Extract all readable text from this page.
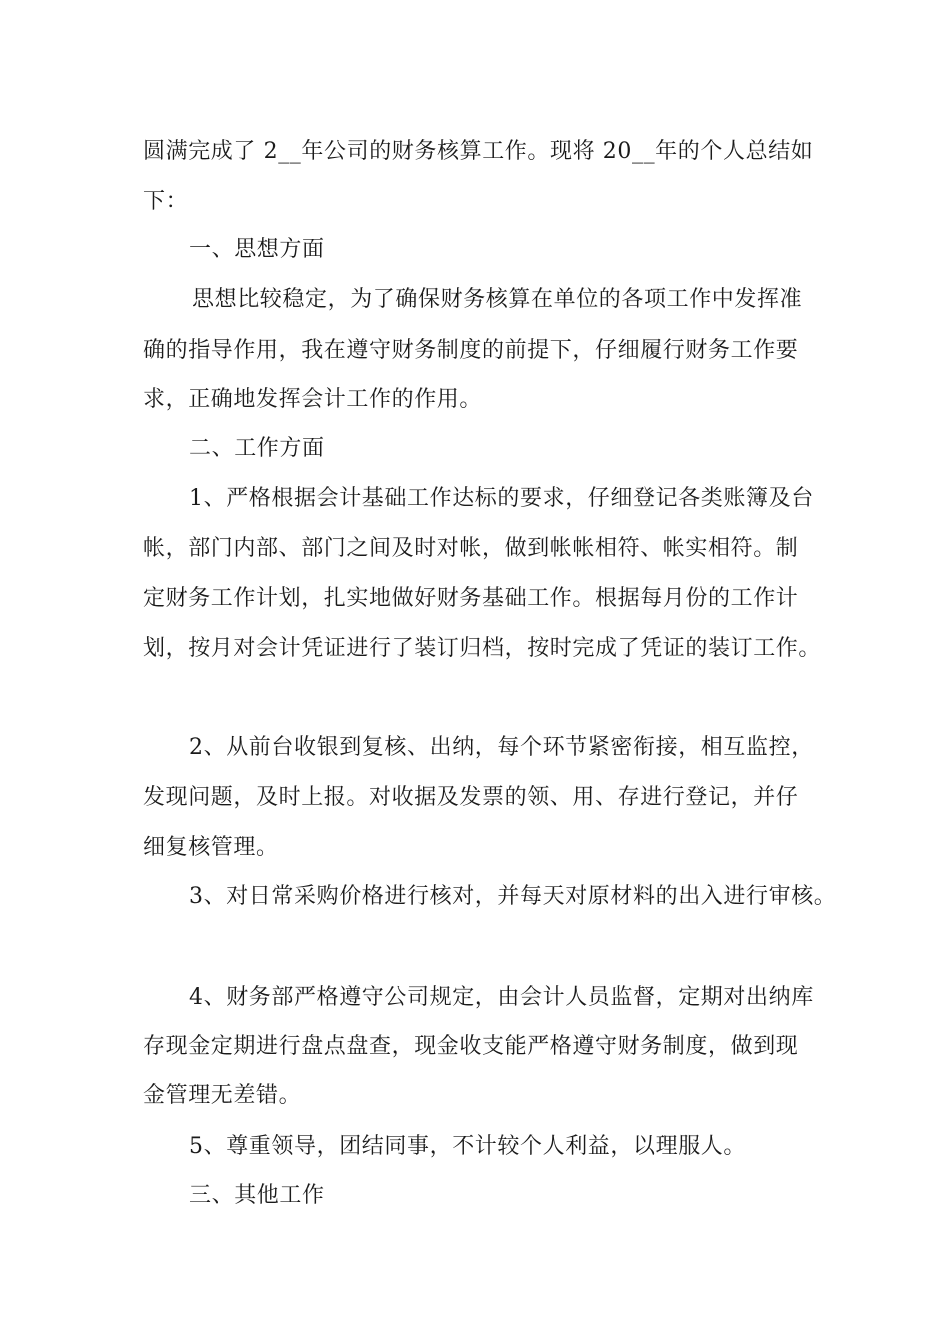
圆满完成了 2__年公司的财务核算工作。现将 20__年的个人总结如
下：
一、思想方面
思想比较稳定，为了确保财务核算在单位的各项工作中发挥准
确的指导作用，我在遵守财务制度的前提下，仔细履行财务工作要
求，正确地发挥会计工作的作用。
二、工作方面
1、严格根据会计基础工作达标的要求，仔细登记各类账簿及台
帐，部门内部、部门之间及时对帐，做到帐帐相符、帐实相符。制
定财务工作计划，扎实地做好财务基础工作。根据每月份的工作计
划，按月对会计凭证进行了装订归档，按时完成了凭证的装订工作。
2、从前台收银到复核、出纳，每个环节紧密衔接，相互监控，
发现问题，及时上报。对收据及发票的领、用、存进行登记，并仔
细复核管理。
3、对日常采购价格进行核对，并每天对原材料的出入进行审核。
4、财务部严格遵守公司规定，由会计人员监督，定期对出纳库
存现金定期进行盘点盘查，现金收支能严格遵守财务制度，做到现
金管理无差错。
5、尊重领导，团结同事，不计较个人利益，以理服人。
三、其他工作
